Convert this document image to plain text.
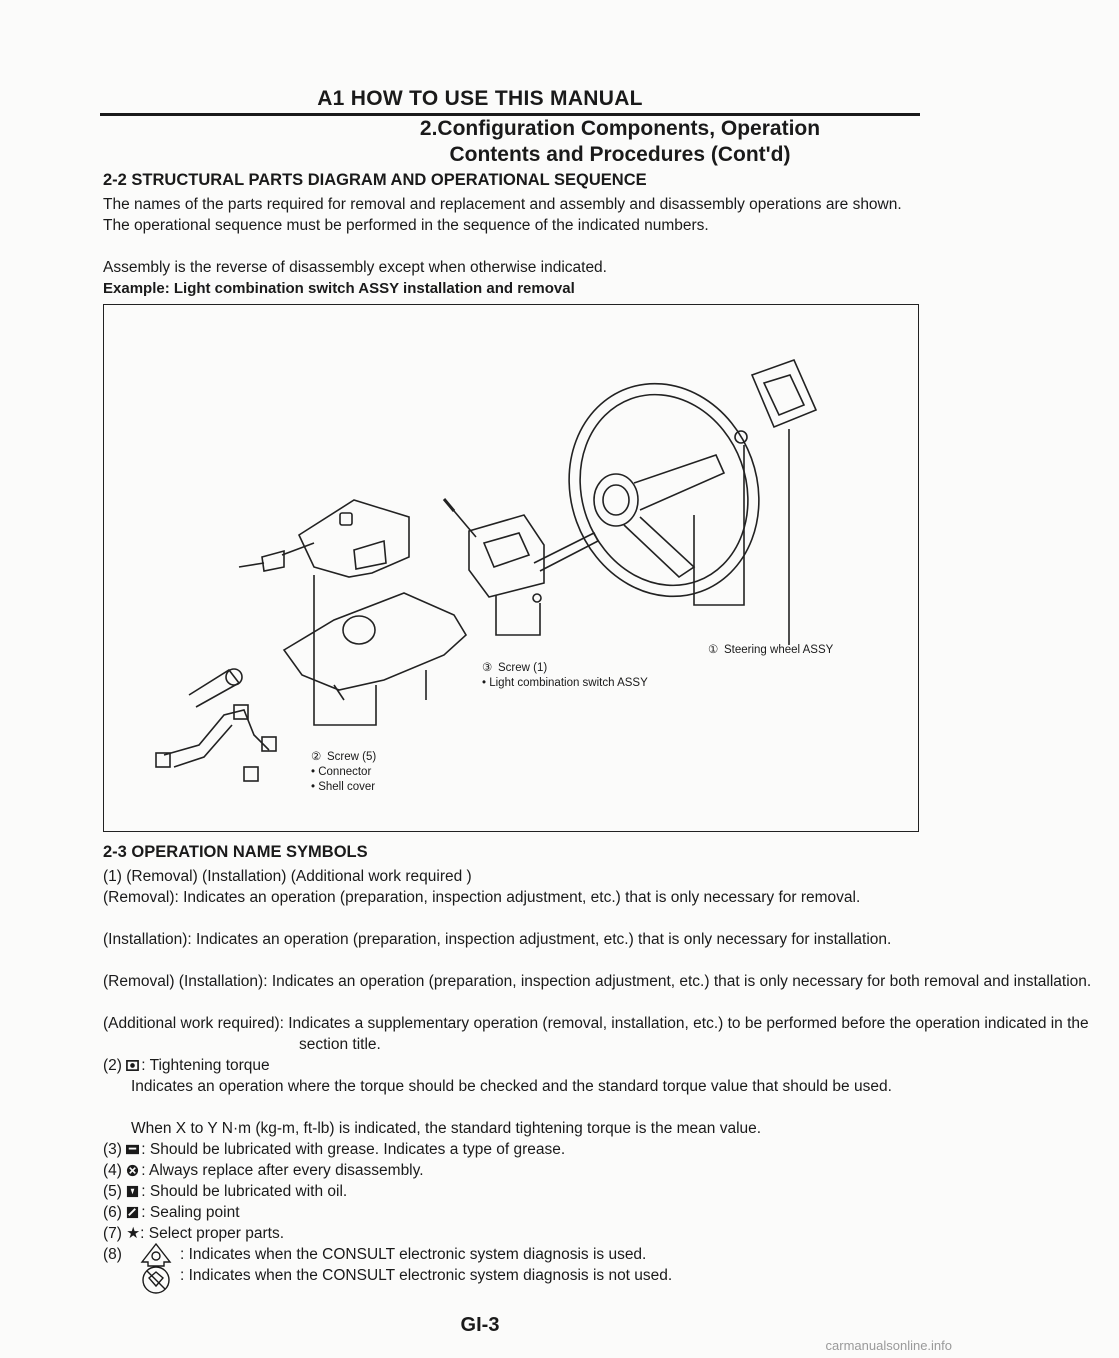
A1 HOW TO USE THIS MANUAL
2.Configuration Components, Operation
Contents and Procedures (Cont'd)
2-2 STRUCTURAL PARTS DIAGRAM AND OPERATIONAL SEQUENCE
The names of the parts required for removal and replacement and assembly and disassembly operations are shown. The operational sequence must be performed in the sequence of the indicated numbers.
Assembly is the reverse of disassembly except when otherwise indicated.
Example: Light combination switch ASSY installation and removal
① Steering wheel ASSY
③ Screw (1)
• Light combination switch ASSY
② Screw (5)
• Connector
• Shell cover
2-3 OPERATION NAME SYMBOLS
(1) (Removal) (Installation) (Additional work required )
(Removal): Indicates an operation (preparation, inspection adjustment, etc.) that is only necessary for removal.
(Installation): Indicates an operation (preparation, inspection adjustment, etc.) that is only necessary for installation.
(Removal) (Installation): Indicates an operation (preparation, inspection adjustment, etc.) that is only necessary for both removal and installation.
(Additional work required): Indicates a supplementary operation (removal, installation, etc.) to be performed before the operation indicated in the section title.
(2) : Tightening torque
Indicates an operation where the torque should be checked and the standard torque value that should be used.
When X to Y N·m (kg-m, ft-lb) is indicated, the standard tightening torque is the mean value.
(3) : Should be lubricated with grease. Indicates a type of grease.
(4) : Always replace after every disassembly.
(5) : Should be lubricated with oil.
(6) : Sealing point
(7) ★: Select proper parts.
(8)	: Indicates when the CONSULT electronic system diagnosis is used.
: Indicates when the CONSULT electronic system diagnosis is not used.
GI-3
carmanualsonline.info
